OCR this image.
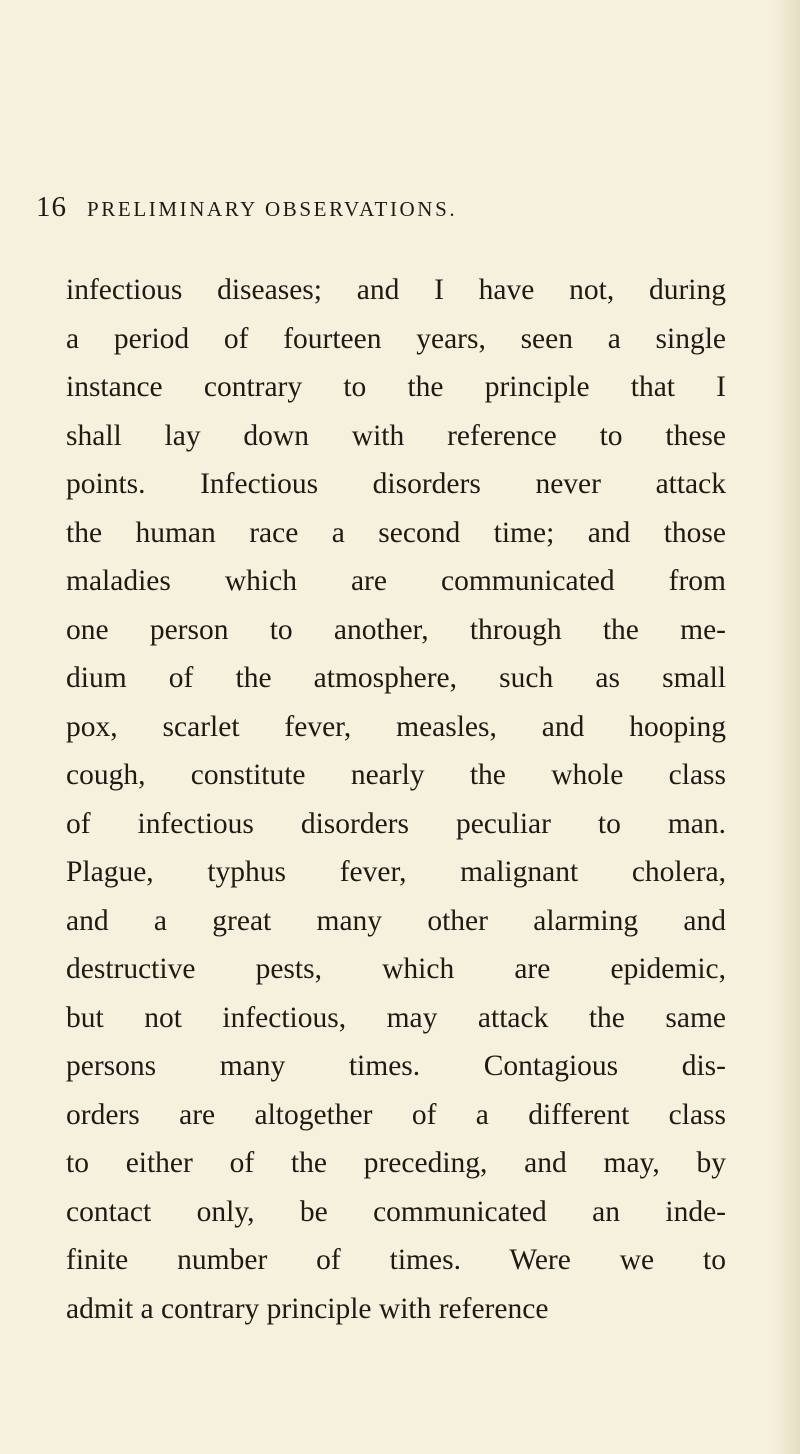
16 PRELIMINARY OBSERVATIONS.
infectious diseases; and I have not, during
a period of fourteen years, seen a single
instance contrary to the principle that I
shall lay down with reference to these
points. Infectious disorders never attack
the human race a second time; and those
maladies which are communicated from
one person to another, through the me-
dium of the atmosphere, such as small
pox, scarlet fever, measles, and hooping
cough, constitute nearly the whole class
of infectious disorders peculiar to man.
Plague, typhus fever, malignant cholera,
and a great many other alarming and
destructive pests, which are epidemic,
but not infectious, may attack the same
persons many times. Contagious dis-
orders are altogether of a different class
to either of the preceding, and may, by
contact only, be communicated an inde-
finite number of times. Were we to
admit a contrary principle with reference
